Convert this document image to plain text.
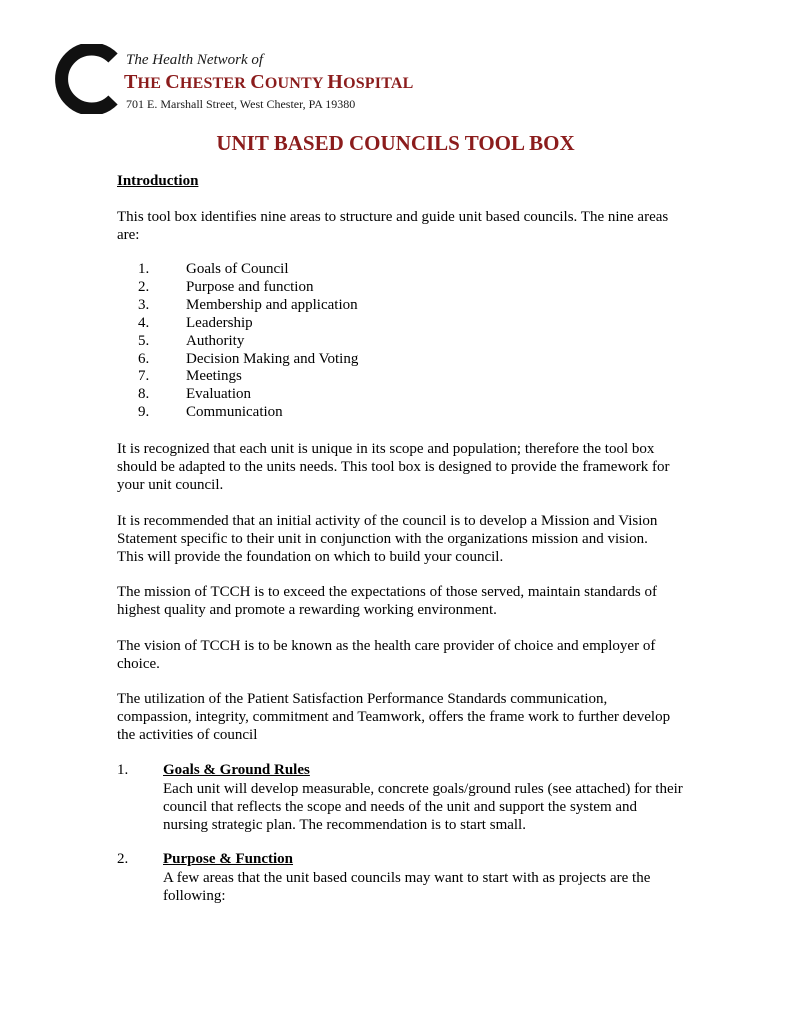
The Health Network of
THE CHESTER COUNTY HOSPITAL
701 E. Marshall Street, West Chester, PA 19380
UNIT BASED COUNCILS TOOL BOX
Introduction
This tool box identifies nine areas to structure and guide unit based councils. The nine areas are:
1.	Goals of Council
2.	Purpose and function
3.	Membership and application
4.	Leadership
5.	Authority
6.	Decision Making and Voting
7.	Meetings
8.	Evaluation
9.	Communication
It is recognized that each unit is unique in its scope and population; therefore the tool box should be adapted to the units needs. This tool box is designed to provide the framework for your unit council.
It is recommended that an initial activity of the council is to develop a Mission and Vision Statement specific to their unit in conjunction with the organizations mission and vision. This will provide the foundation on which to build your council.
The mission of TCCH is to exceed the expectations of those served, maintain standards of highest quality and promote a rewarding working environment.
The vision of TCCH is to be known as the health care provider of choice and employer of choice.
The utilization of the Patient Satisfaction Performance Standards communication, compassion, integrity, commitment and Teamwork, offers the frame work to further develop the activities of council
1. Goals & Ground Rules
Each unit will develop measurable, concrete goals/ground rules (see attached) for their council that reflects the scope and needs of the unit and support the system and nursing strategic plan. The recommendation is to start small.
2. Purpose & Function
A few areas that the unit based councils may want to start with as projects are the following:
